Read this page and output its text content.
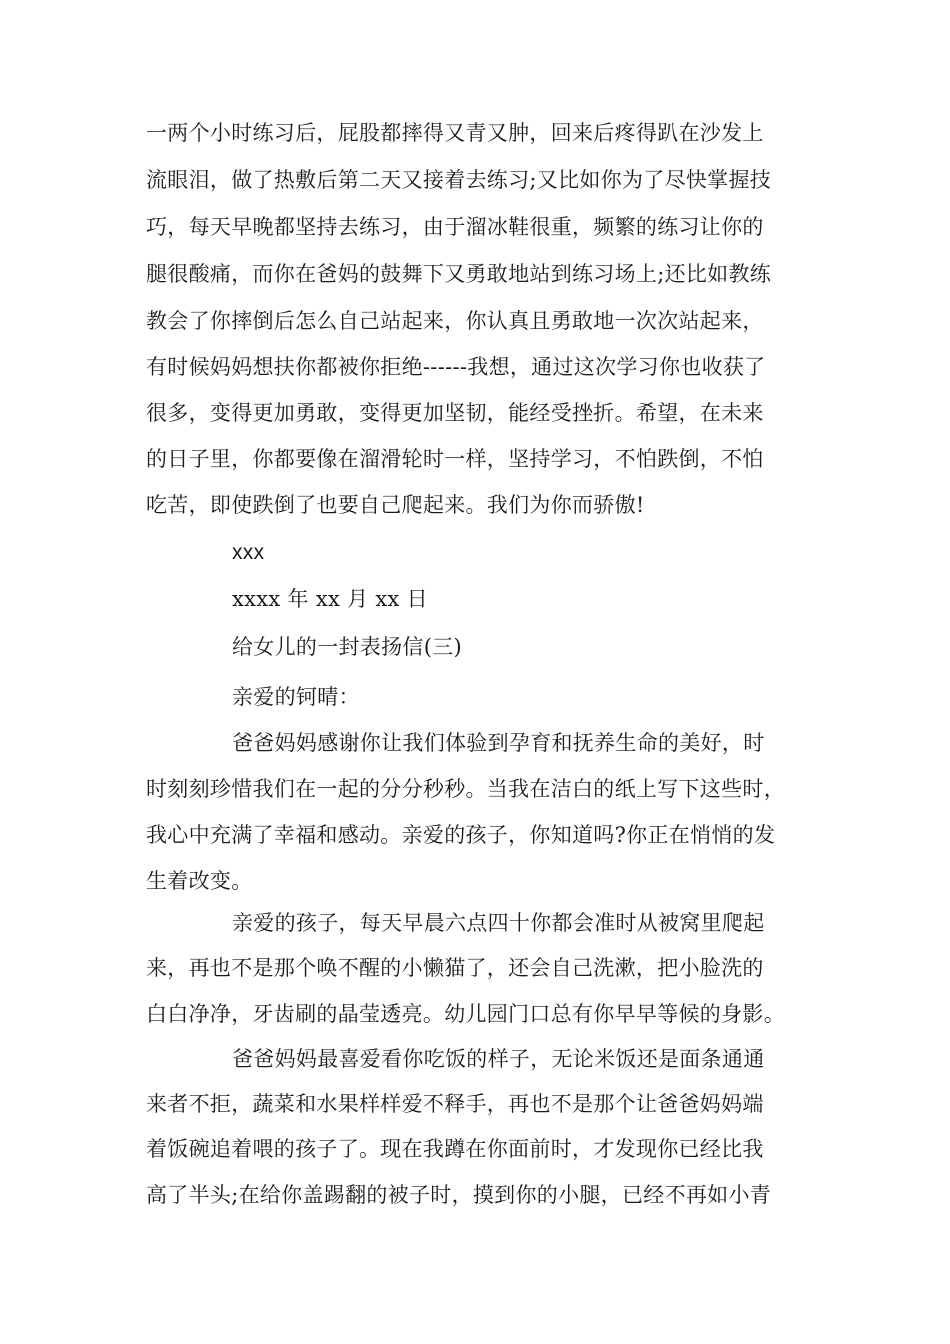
一两个小时练习后，屁股都摔得又青又肿，回来后疼得趴在沙发上
流眼泪，做了热敷后第二天又接着去练习;又比如你为了尽快掌握技
巧，每天早晚都坚持去练习，由于溜冰鞋很重，频繁的练习让你的
腿很酸痛，而你在爸妈的鼓舞下又勇敢地站到练习场上;还比如教练
教会了你摔倒后怎么自己站起来，你认真且勇敢地一次次站起来，
有时候妈妈想扶你都被你拒绝------我想，通过这次学习你也收获了
很多，变得更加勇敢，变得更加坚韧，能经受挫折。希望，在未来
的日子里，你都要像在溜滑轮时一样，坚持学习，不怕跌倒，不怕
吃苦，即使跌倒了也要自己爬起来。我们为你而骄傲!
xxx
xxxx 年 xx 月 xx 日
给女儿的一封表扬信(三)
亲爱的钶晴：
爸爸妈妈感谢你让我们体验到孕育和抚养生命的美好，时
时刻刻珍惜我们在一起的分分秒秒。当我在洁白的纸上写下这些时，
我心中充满了幸福和感动。亲爱的孩子，你知道吗?你正在悄悄的发
生着改变。
亲爱的孩子，每天早晨六点四十你都会准时从被窝里爬起
来，再也不是那个唤不醒的小懒猫了，还会自己洗漱，把小脸洗的
白白净净，牙齿刷的晶莹透亮。幼儿园门口总有你早早等候的身影。
爸爸妈妈最喜爱看你吃饭的样子，无论米饭还是面条通通
来者不拒，蔬菜和水果样样爱不释手，再也不是那个让爸爸妈妈端
着饭碗追着喂的孩子了。现在我蹲在你面前时，才发现你已经比我
高了半头;在给你盖踢翻的被子时，摸到你的小腿，已经不再如小青
